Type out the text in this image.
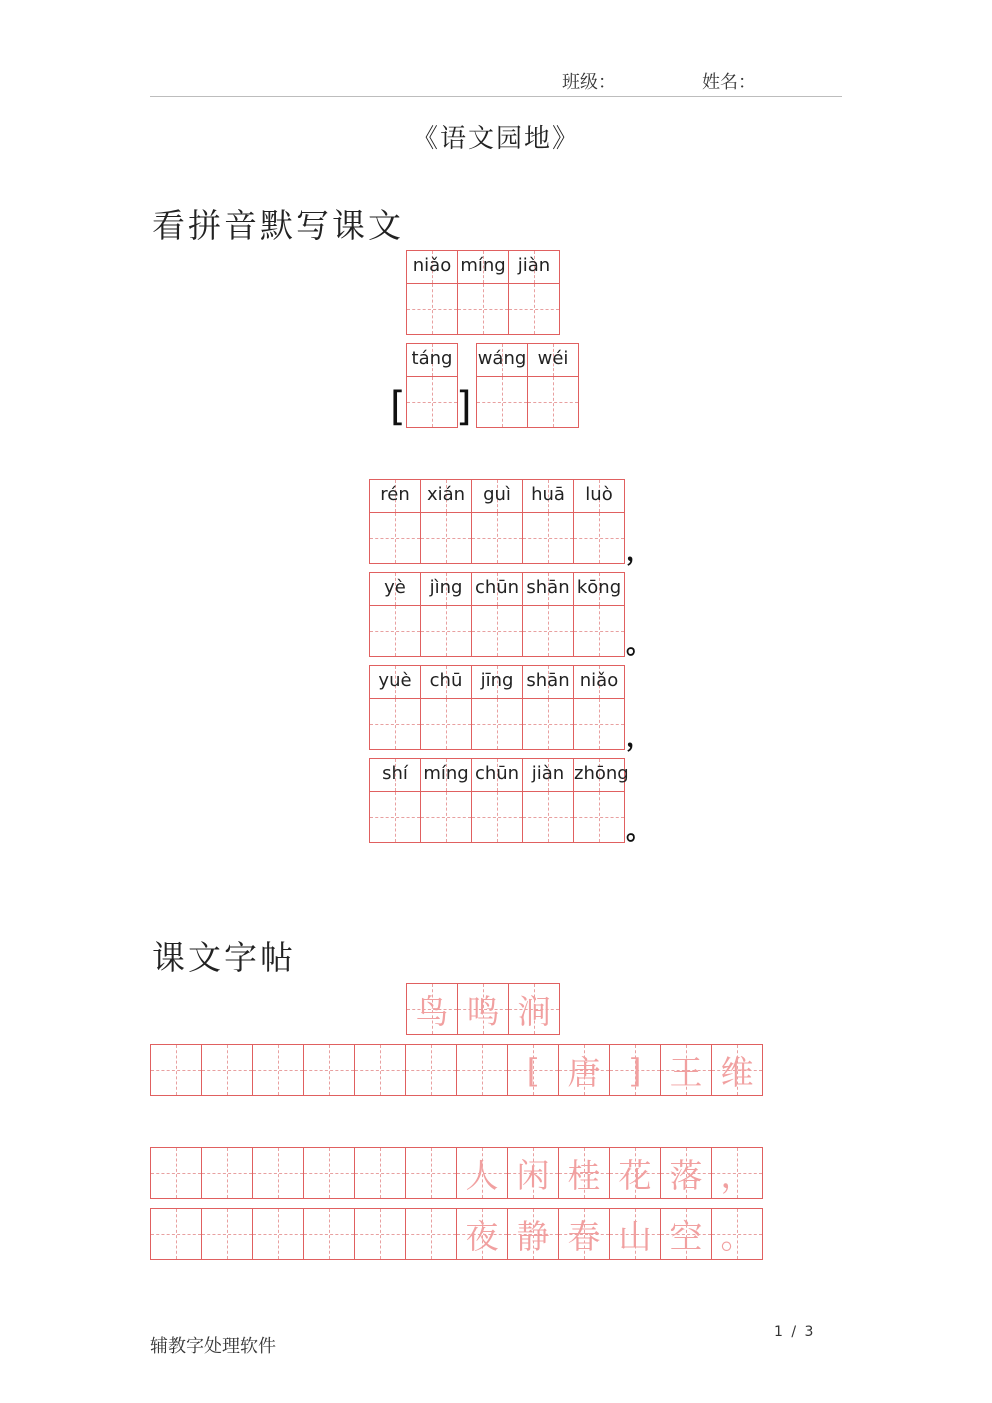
班级：	姓名：
《语文园地》
看拼音默写课文
niǎo míng jiàn
táng
[ ]
wáng wéi
rén xián	guì	huā	luò
，
yè	jìng chūn shān kōng
。
yuè	chū	jīng shān niǎo
，
shí míng chūn jiàn zhōng
。
课文字帖
鸟 鸣 涧
[ 唐 ] 王 维
人 闲 桂 花 落 ，
夜 静 春 山 空 。
辅教字处理软件
1 / 3
